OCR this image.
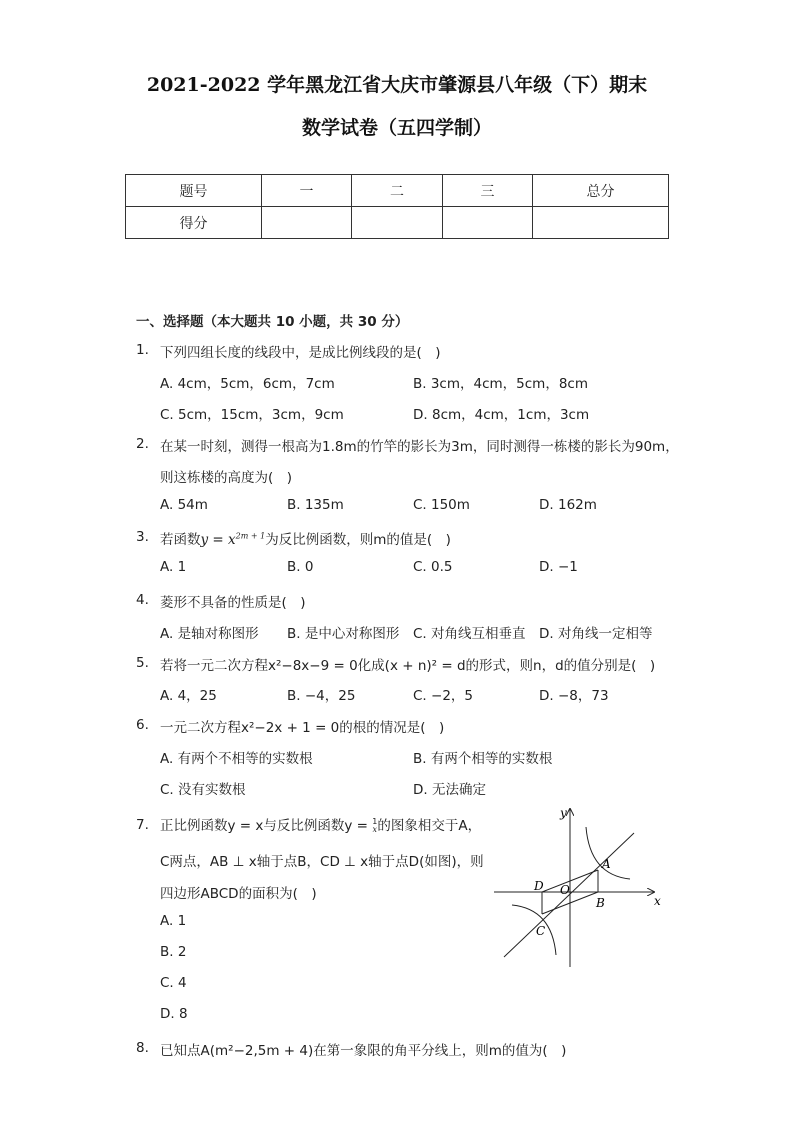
2021-2022 学年黑龙江省大庆市肇源县八年级（下）期末
数学试卷（五四学制）
题号	一	二	三	总分
得分				
一、选择题（本大题共 10 小题，共 30 分）
1. 下列四组长度的线段中，是成比例线段的是(　)
A. 4cm，5cm，6cm，7cm	B. 3cm，4cm，5cm，8cm
C. 5cm，15cm，3cm，9cm	D. 8cm，4cm，1cm，3cm
2. 在某一时刻，测得一根高为1.8m的竹竿的影长为3m，同时测得一栋楼的影长为90m，
则这栋楼的高度为(　)
A. 54m	B. 135m	C. 150m	D. 162m
3. 若函数$y = x^{2m + 1}$为反比例函数，则m的值是(　)
A. 1	B. 0	C. 0.5	D. −1
4. 菱形不具备的性质是(　)
A. 是轴对称图形 B. 是中心对称图形 C. 对角线互相垂直 D. 对角线一定相等
5. 若将一元二次方程x²−8x−9 = 0化成(x + n)² = d的形式，则n，d的值分别是(　)
A. 4，25	B. −4，25	C. −2，5	D. −8，73
6. 一元二次方程x²−2x + 1 = 0的根的情况是(　)
A. 有两个不相等的实数根	B. 有两个相等的实数根
C. 没有实数根	D. 无法确定
7. 正比例函数y = x与反比例函数y = 1
x的图象相交于A，
C两点，AB ⊥ x轴于点B，CD ⊥ x轴于点D(如图)，则
四边形ABCD的面积为(　)
A. 1
B. 2
C. 4
D. 8
y
x
A
B
C
D O
8. 已知点A(m²−2,5m + 4)在第一象限的角平分线上，则m的值为(　)
